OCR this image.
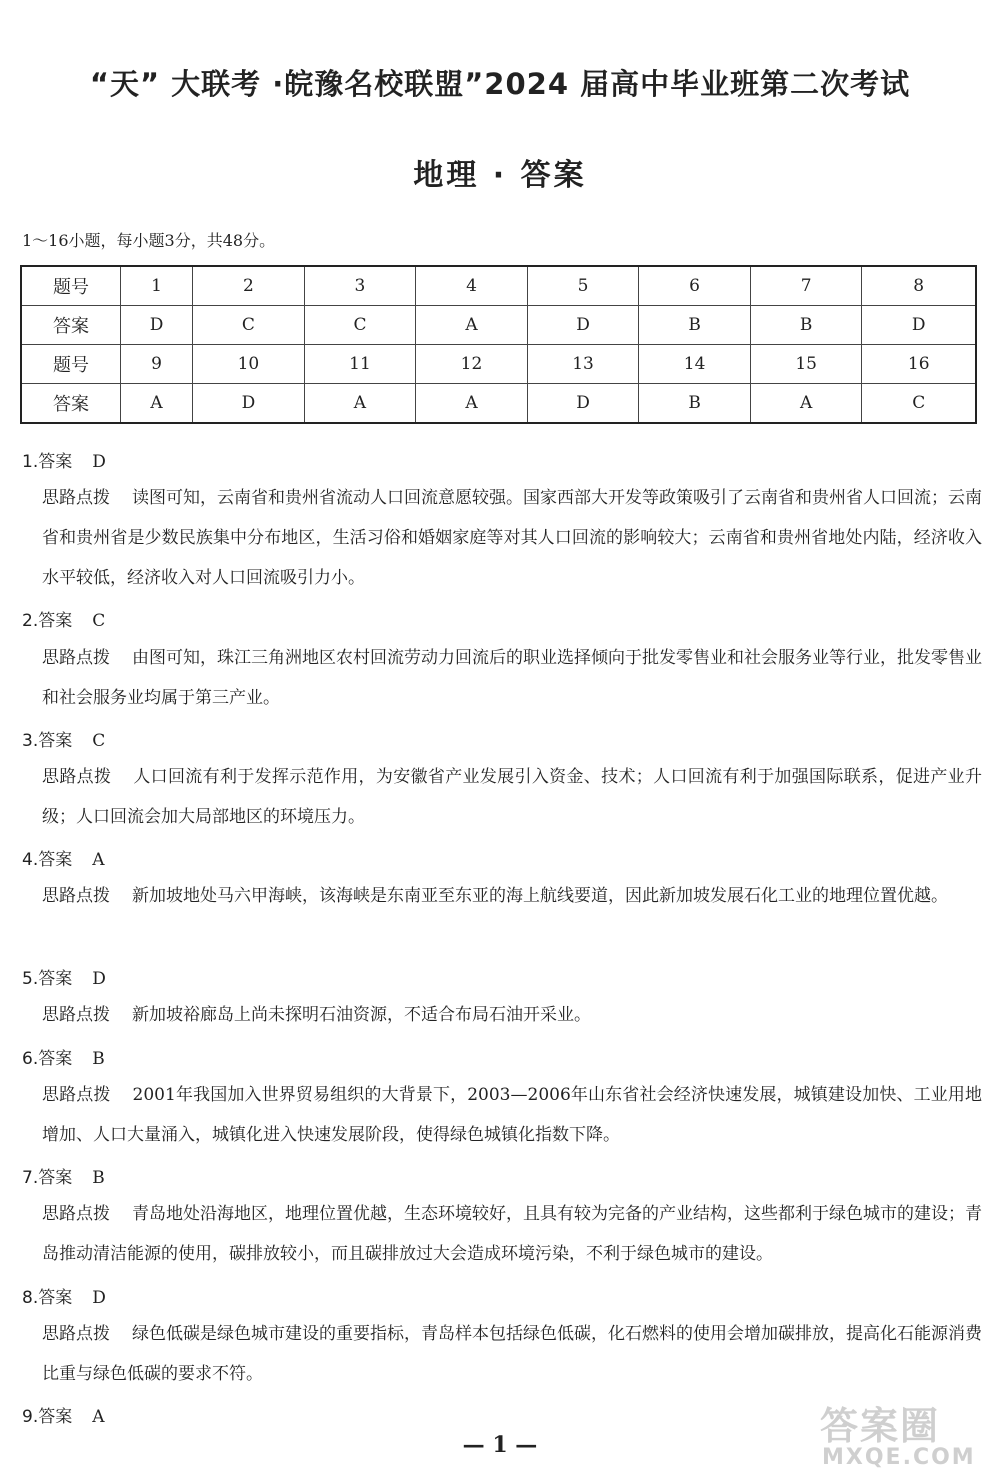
“天” 大联考 ·皖豫名校联盟”2024 届高中毕业班第二次考试
地理 · 答案
1～16小题，每小题3分，共48分。
题号	1	2	3	4	5	6	7	8
答案	D	C	C	A	D	B	B	D
题号	9	10	11	12	13	14	15	16
答案	A	D	A	A	D	B	A	C
1.答案 D
思路点拨 读图可知，云南省和贵州省流动人口回流意愿较强。国家西部大开发等政策吸引了云南省和贵州省人口回流；云南省和贵州省是少数民族集中分布地区，生活习俗和婚姻家庭等对其人口回流的影响较大；云南省和贵州省地处内陆，经济收入水平较低，经济收入对人口回流吸引力小。
2.答案 C
思路点拨 由图可知，珠江三角洲地区农村回流劳动力回流后的职业选择倾向于批发零售业和社会服务业等行业，批发零售业和社会服务业均属于第三产业。
3.答案 C
思路点拨 人口回流有利于发挥示范作用，为安徽省产业发展引入资金、技术；人口回流有利于加强国际联系，促进产业升级；人口回流会加大局部地区的环境压力。
4.答案 A
思路点拨 新加坡地处马六甲海峡，该海峡是东南亚至东亚的海上航线要道，因此新加坡发展石化工业的地理位置优越。
5.答案 D
思路点拨 新加坡裕廊岛上尚未探明石油资源，不适合布局石油开采业。
6.答案 B
思路点拨 2001年我国加入世界贸易组织的大背景下，2003—2006年山东省社会经济快速发展，城镇建设加快、工业用地增加、人口大量涌入，城镇化进入快速发展阶段，使得绿色城镇化指数下降。
7.答案 B
思路点拨 青岛地处沿海地区，地理位置优越，生态环境较好，且具有较为完备的产业结构，这些都利于绿色城市的建设；青岛推动清洁能源的使用，碳排放较小，而且碳排放过大会造成环境污染，不利于绿色城市的建设。
8.答案 D
思路点拨 绿色低碳是绿色城市建设的重要指标，青岛样本包括绿色低碳，化石燃料的使用会增加碳排放，提高化石能源消费比重与绿色低碳的要求不符。
9.答案 A
— 1 —	答案圈
MXQE.COM
